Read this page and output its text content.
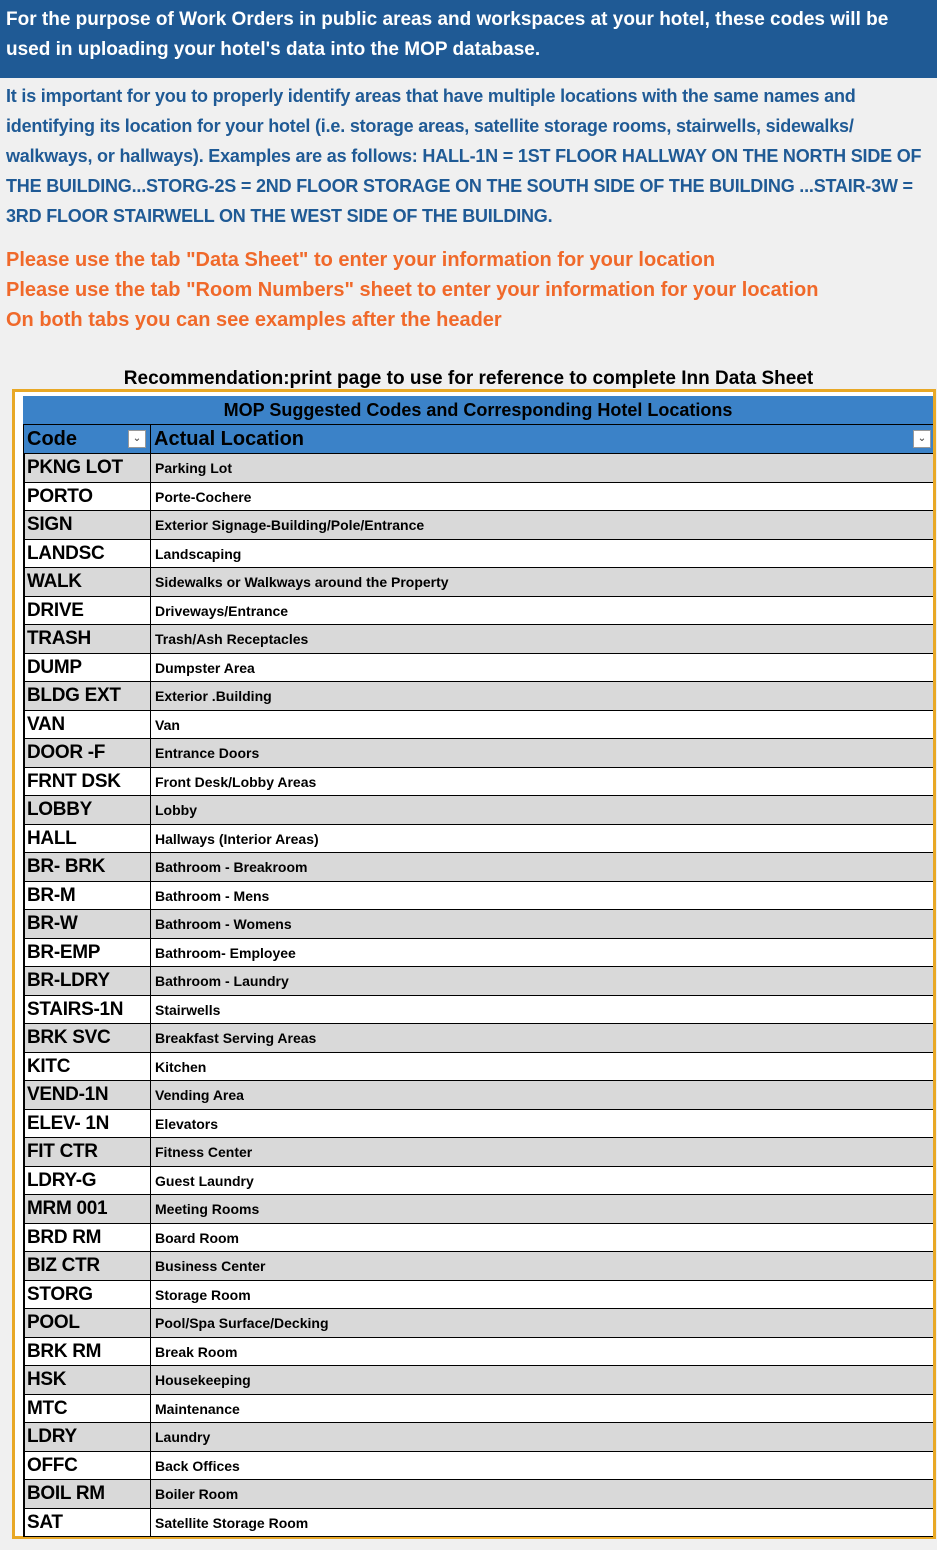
For the purpose of Work Orders in public areas and workspaces at your hotel, these codes will be used in uploading your hotel's data into the MOP database.
It is important for you to properly identify areas that have multiple locations with the same names and identifying its location for your hotel (i.e. storage areas, satellite storage rooms, stairwells, sidewalks/ walkways, or hallways). Examples are as follows: HALL-1N = 1ST FLOOR HALLWAY ON THE NORTH SIDE OF THE BUILDING...STORG-2S = 2ND FLOOR STORAGE ON THE SOUTH SIDE OF THE BUILDING ...STAIR-3W = 3RD FLOOR STAIRWELL ON THE WEST SIDE OF THE BUILDING.
Please use the tab "Data Sheet" to enter your information for your location
Please use the tab "Room Numbers" sheet to enter your information for your location
On both tabs you can see examples after the header
Recommendation:print page to use for reference to complete Inn Data Sheet
MOP Suggested Codes and Corresponding Hotel Locations
Code	⌄ Actual Location	⌄
PKNG LOT	Parking Lot
PORTO	Porte-Cochere
SIGN	Exterior Signage-Building/Pole/Entrance
LANDSC	Landscaping
WALK	Sidewalks or Walkways around the Property
DRIVE	Driveways/Entrance
TRASH	Trash/Ash Receptacles
DUMP	Dumpster Area
BLDG EXT	Exterior .Building
VAN	Van
DOOR -F	Entrance Doors
FRNT DSK	Front Desk/Lobby Areas
LOBBY	Lobby
HALL	Hallways (Interior Areas)
BR- BRK	Bathroom - Breakroom
BR-M	Bathroom - Mens
BR-W	Bathroom - Womens
BR-EMP	Bathroom- Employee
BR-LDRY	Bathroom - Laundry
STAIRS-1N	Stairwells
BRK SVC	Breakfast Serving Areas
KITC	Kitchen
VEND-1N	Vending Area
ELEV- 1N	Elevators
FIT CTR	Fitness Center
LDRY-G	Guest Laundry
MRM 001	Meeting Rooms
BRD RM	Board Room
BIZ CTR	Business Center
STORG	Storage Room
POOL	Pool/Spa Surface/Decking
BRK RM	Break Room
HSK	Housekeeping
MTC	Maintenance
LDRY	Laundry
OFFC	Back Offices
BOIL RM	Boiler Room
SAT	Satellite Storage Room
